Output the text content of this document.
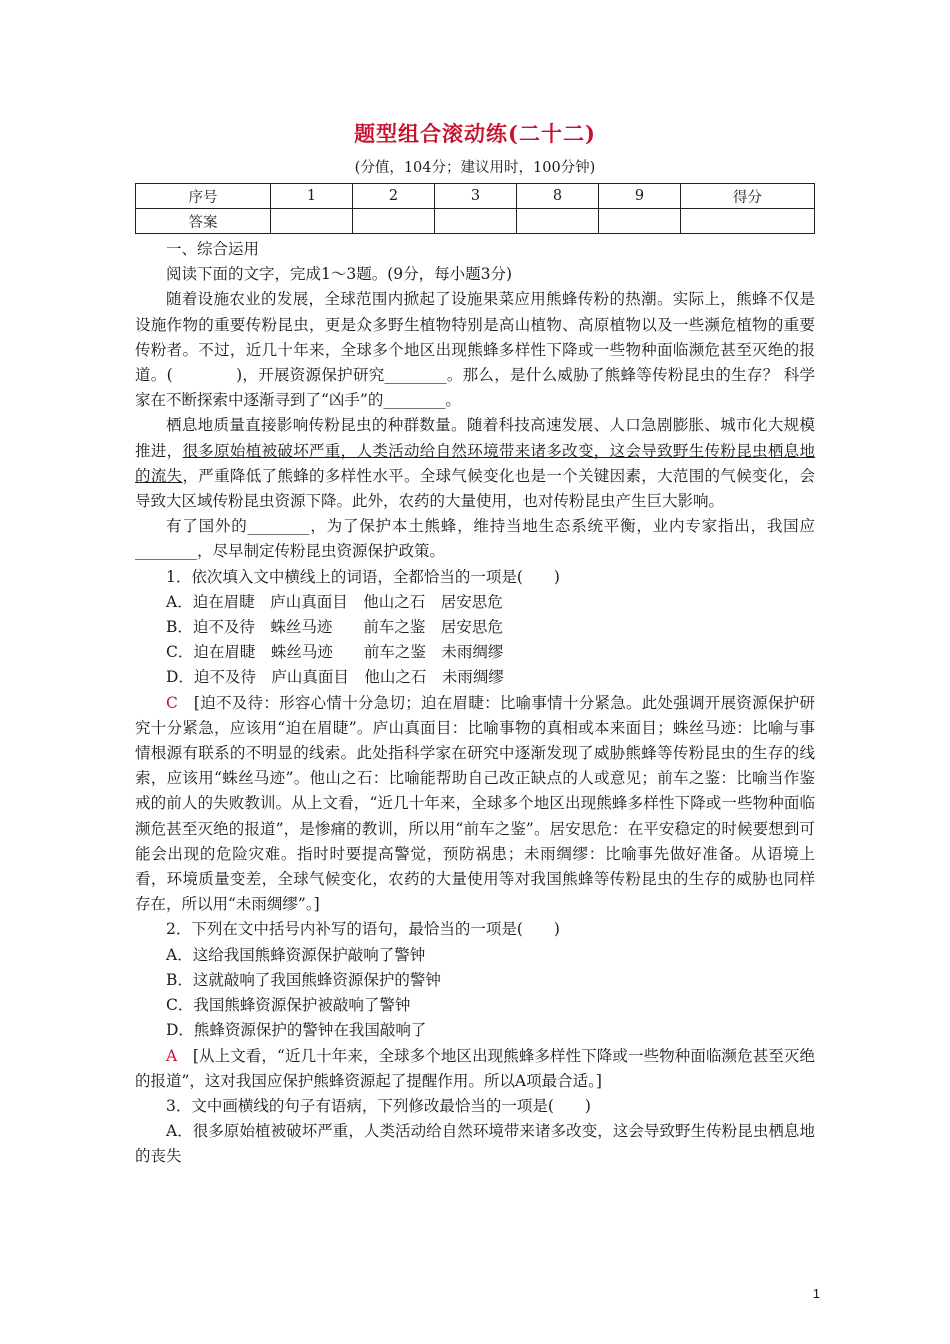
题型组合滚动练(二十二)
(分值，104分；建议用时，100分钟)
序号	1	2	3	8	9	得分
答案						

一、综合运用

阅读下面的文字，完成1～3题。(9分，每小题3分)

随着设施农业的发展，全球范围内掀起了设施果菜应用熊蜂传粉的热潮。实际上，熊蜂不仅是设施作物的重要传粉昆虫，更是众多野生植物特别是高山植物、高原植物以及一些濒危植物的重要传粉者。不过，近几十年来，全球多个地区出现熊蜂多样性下降或一些物种面临濒危甚至灭绝的报道。(　　　　)，开展资源保护研究________。那么，是什么威胁了熊蜂等传粉昆虫的生存？ 科学家在不断探索中逐渐寻到了“凶手”的________。

栖息地质量直接影响传粉昆虫的种群数量。随着科技高速发展、人口急剧膨胀、城市化大规模推进，很多原始植被破坏严重，人类活动给自然环境带来诸多改变，这会导致野生传粉昆虫栖息地的流失，严重降低了熊蜂的多样性水平。全球气候变化也是一个关键因素，大范围的气候变化，会导致大区域传粉昆虫资源下降。此外，农药的大量使用，也对传粉昆虫产生巨大影响。

有了国外的________，为了保护本土熊蜂，维持当地生态系统平衡，业内专家指出，我国应________，尽早制定传粉昆虫资源保护政策。

1．依次填入文中横线上的词语，全都恰当的一项是(　　)

A．迫在眉睫　庐山真面目　他山之石　居安思危

B．迫不及待　蛛丝马迹　　前车之鉴　居安思危

C．迫在眉睫　蛛丝马迹　　前车之鉴　未雨绸缪

D．迫不及待　庐山真面目　他山之石　未雨绸缪

C　 [迫不及待：形容心情十分急切；迫在眉睫：比喻事情十分紧急。此处强调开展资源保护研究十分紧急，应该用“迫在眉睫”。庐山真面目：比喻事物的真相或本来面目；蛛丝马迹：比喻与事情根源有联系的不明显的线索。此处指科学家在研究中逐渐发现了威胁熊蜂等传粉昆虫的生存的线索，应该用“蛛丝马迹”。他山之石：比喻能帮助自己改正缺点的人或意见；前车之鉴：比喻当作鉴戒的前人的失败教训。从上文看，“近几十年来，全球多个地区出现熊蜂多样性下降或一些物种面临濒危甚至灭绝的报道”，是惨痛的教训，所以用“前车之鉴”。居安思危：在平安稳定的时候要想到可能会出现的危险灾难。指时时要提高警觉，预防祸患；未雨绸缪：比喻事先做好准备。从语境上看，环境质量变差，全球气候变化，农药的大量使用等对我国熊蜂等传粉昆虫的生存的威胁也同样存在，所以用“未雨绸缪”。]

2．下列在文中括号内补写的语句，最恰当的一项是(　　)

A．这给我国熊蜂资源保护敲响了警钟

B．这就敲响了我国熊蜂资源保护的警钟

C．我国熊蜂资源保护被敲响了警钟

D．熊蜂资源保护的警钟在我国敲响了

A　 [从上文看，“近几十年来，全球多个地区出现熊蜂多样性下降或一些物种面临濒危甚至灭绝的报道”，这对我国应保护熊蜂资源起了提醒作用。所以A项最合适。]

3．文中画横线的句子有语病，下列修改最恰当的一项是(　　)

A．很多原始植被破坏严重，人类活动给自然环境带来诸多改变，这会导致野生传粉昆虫栖息地的丧失

1
